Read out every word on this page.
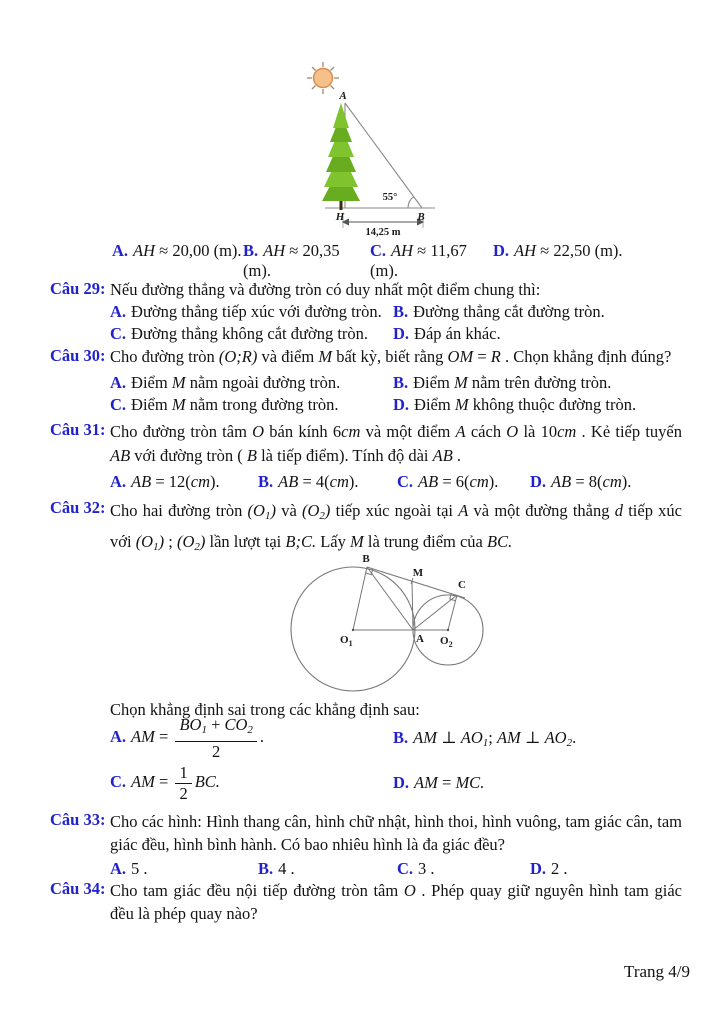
A
H	B
55°
14,25 m
A. AH ≈ 20,00 (m). B. AH ≈ 20,35 (m).
C. AH ≈ 11,67 (m).
D. AH ≈ 22,50 (m).
Câu 29: Nếu đường thẳng và đường tròn có duy nhất một điểm chung thì:
A. Đường thẳng tiếp xúc với đường tròn. B. Đường thẳng cắt đường tròn.
C. Đường thẳng không cắt đường tròn.	D. Đáp án khác.
Câu 30: Cho đường tròn (O;R) và điểm M bất kỳ, biết rằng OM = R . Chọn khẳng định đúng?
A. Điểm M nằm ngoài đường tròn.	B. Điểm M nằm trên đường tròn.
C. Điểm M nằm trong đường tròn.	D. Điểm M không thuộc đường tròn.
Câu 31: Cho đường tròn tâm O bán kính 6cm và một điểm A cách O là 10cm . Kẻ tiếp tuyến AB với đường tròn ( B là tiếp điểm). Tính độ dài AB .
A. AB = 12(cm).	B. AB = 4(cm).	C. AB = 6(cm).	D. AB = 8(cm).
Câu 32: Cho hai đường tròn (O1) và (O2) tiếp xúc ngoài tại A và một đường thẳng d tiếp xúc với (O1) ; (O2) lần lượt tại B;C. Lấy M là trung điểm của BC.
B
M
C
A
$O_1$	$O_2$
Chọn khẳng định sai trong các khẳng định sau:
A. AM = $\frac{BO1 + CO2}{2}$ .	B. AM ⊥ AO1; AM ⊥ AO2.
C. AM = $\frac{1}{2}$ BC.	D. AM = MC.
Câu 33: Cho các hình: Hình thang cân, hình chữ nhật, hình thoi, hình vuông, tam giác cân, tam giác đều, hình bình hành. Có bao nhiêu hình là đa giác đều?
A. 5 .	B. 4 .	C. 3 .	D. 2 .
Câu 34: Cho tam giác đều nội tiếp đường tròn tâm O . Phép quay giữ nguyên hình tam giác đều là phép quay nào?
Trang 4/9
